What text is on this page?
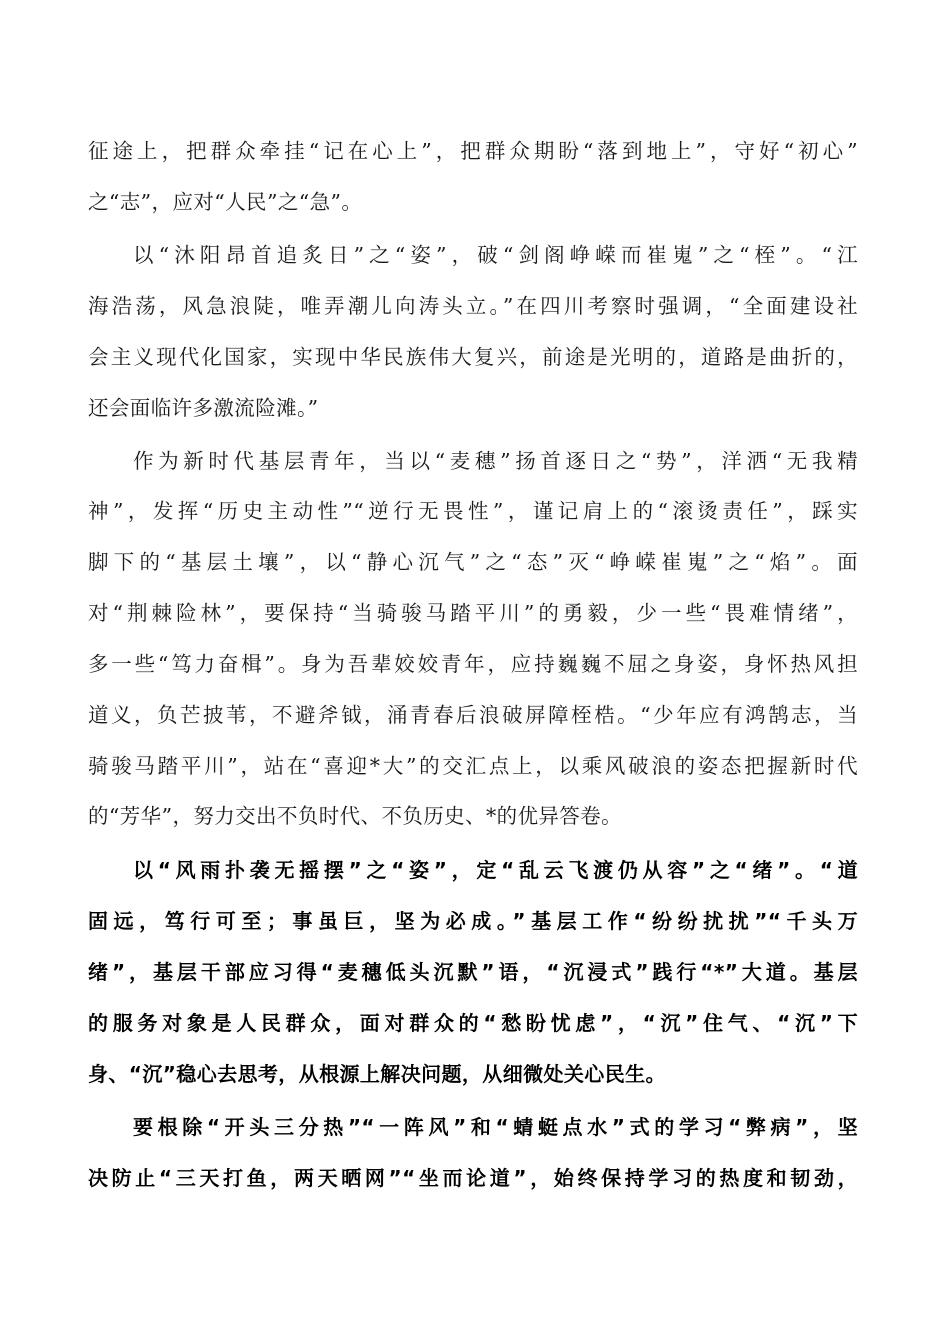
征途上，把群众牵挂“记在心上”，把群众期盼“落到地上”，守好“初心”
之“志”，应对“人民”之“急”。
以“沐阳昂首追炙日”之“姿”，破“剑阁峥嵘而崔嵬”之“桎”。“江
海浩荡，风急浪陡，唯弄潮儿向涛头立。”在四川考察时强调，“全面建设社
会主义现代化国家，实现中华民族伟大复兴，前途是光明的，道路是曲折的，
还会面临许多激流险滩。”
作为新时代基层青年，当以“麦穗”扬首逐日之“势”，洋洒“无我精
神”，发挥“历史主动性”“逆行无畏性”，谨记肩上的“滚烫责任”，踩实
脚下的“基层土壤”，以“静心沉气”之“态”灭“峥嵘崔嵬”之“焰”。面
对“荆棘险林”，要保持“当骑骏马踏平川”的勇毅，少一些“畏难情绪”，
多一些“笃力奋楫”。身为吾辈姣姣青年，应持巍巍不屈之身姿，身怀热风担
道义，负芒披苇，不避斧钺，涌青春后浪破屏障桎梏。“少年应有鸿鹄志，当
骑骏马踏平川”，站在“喜迎*大”的交汇点上，以乘风破浪的姿态把握新时代
的“芳华”，努力交出不负时代、不负历史、*的优异答卷。
以“风雨扑袭无摇摆”之“姿”，定“乱云飞渡仍从容”之“绪”。“道
固远，笃行可至；事虽巨，坚为必成。”基层工作“纷纷扰扰”“千头万
绪”，基层干部应习得“麦穗低头沉默”语，“沉浸式”践行“*”大道。基层
的服务对象是人民群众，面对群众的“愁盼忧虑”，“沉”住气、“沉”下
身、“沉”稳心去思考，从根源上解决问题，从细微处关心民生。
要根除“开头三分热”“一阵风”和“蜻蜓点水”式的学习“弊病”，坚
决防止“三天打鱼，两天晒网”“坐而论道”，始终保持学习的热度和韧劲，
